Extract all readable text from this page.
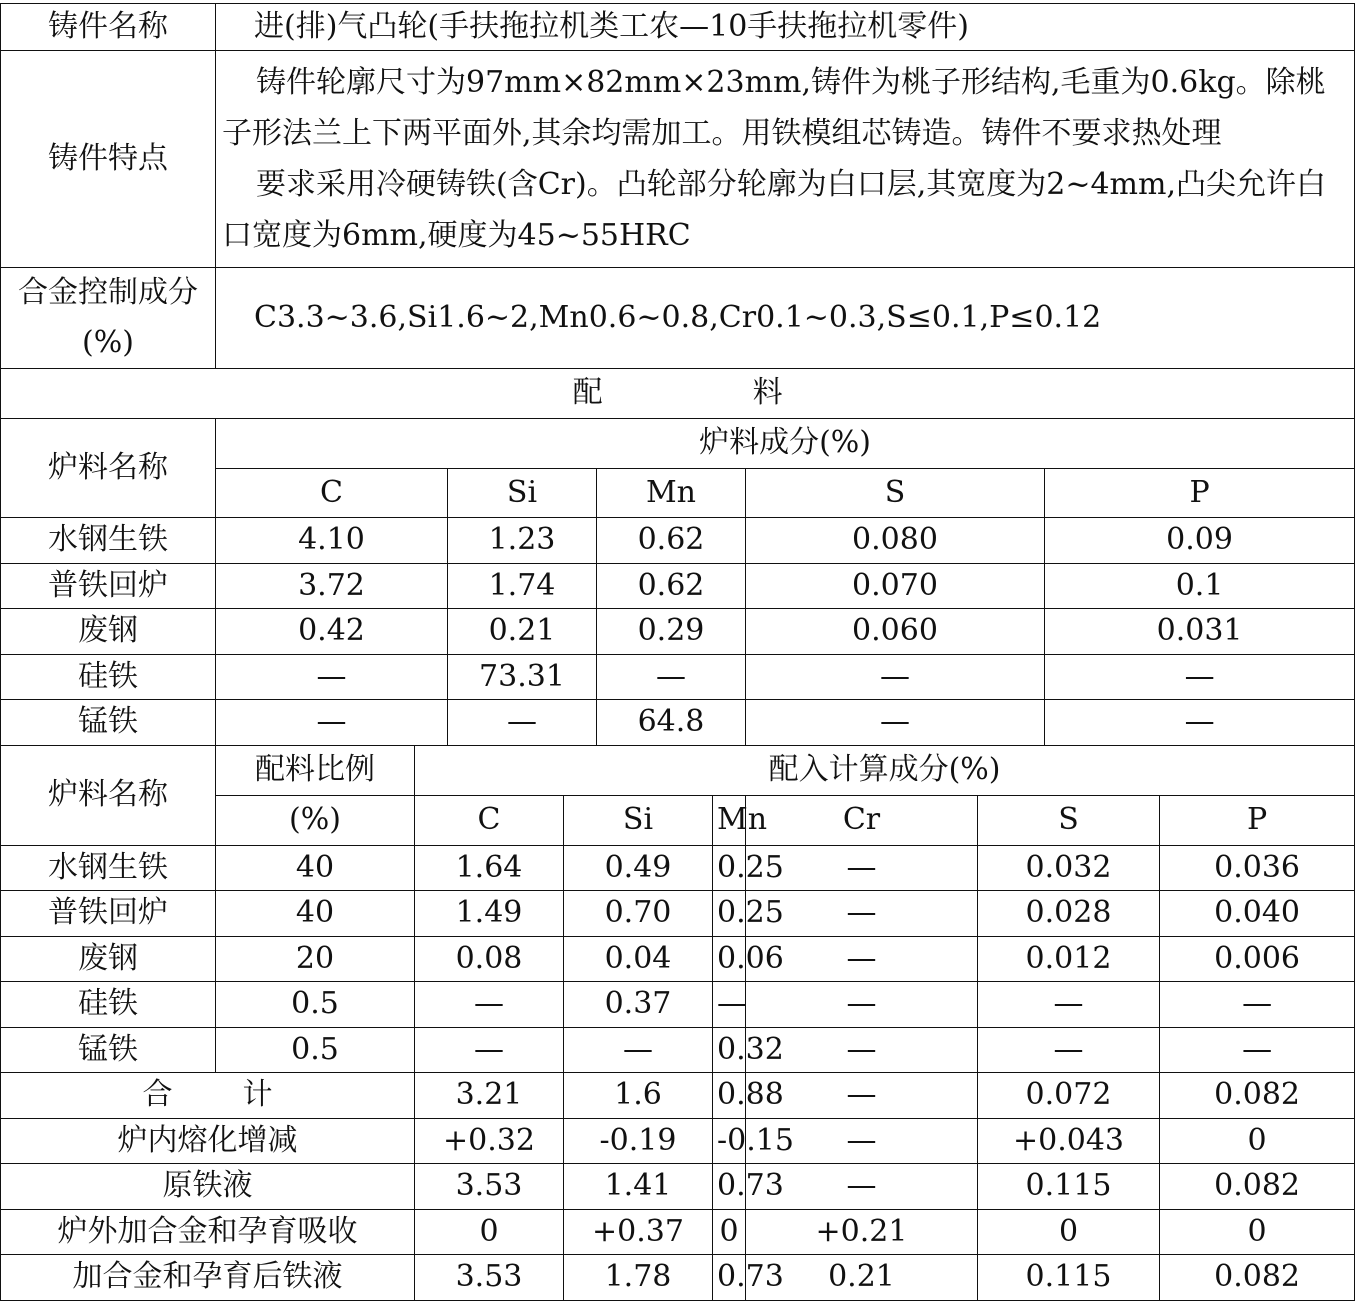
铸件名称	进(排)气凸轮(手扶拖拉机类工农—10手扶拖拉机零件)									
铸件特点	铸件轮廓尺寸为97mm×82mm×23mm,铸件为桃子形结构,毛重为0.6kg。除桃子形法兰上下两平面外,其余均需加工。用铁模组芯铸造。铸件不要求热处理

要求采用冷硬铸铁(含Cr)。凸轮部分轮廓为白口层,其宽度为2~4mm,凸尖允许白口宽度为6mm,硬度为45~55HRC									

合金控制成分(%)	C3.3~3.6,Si1.6~2,Mn0.6~0.8,Cr0.1~0.3,S≤0.1,P≤0.12									
配 料										
炉料名称	炉料成分(%)									
	C		Si		Mn		S		P	
水钢生铁	4.10		1.23		0.62		0.080		0.09	
普铁回炉	3.72		1.74		0.62		0.070		0.1	
废钢	0.42		0.21		0.29		0.060		0.031	
硅铁	—		73.31		—		—		—	
锰铁	—		—		64.8		—		—	
炉料名称	配料比例	配入计算成分(%)								
	(%)	C		Si		Mn	Cr	S		P
水钢生铁	40	1.64		0.49		0.25	—	0.032		0.036
普铁回炉	40	1.49		0.70		0.25	—	0.028		0.040
废钢	20	0.08		0.04		0.06	—	0.012		0.006
硅铁	0.5	—		0.37		—	—	—		—
锰铁	0.5	—		—		0.32	—	—		—
合 计		3.21		1.6		0.88	—	0.072		0.082
炉内熔化增减		+0.32		-0.19		-0.15	—	+0.043		0
原铁液		3.53		1.41		0.73	—	0.115		0.082
炉外加合金和孕育吸收		0		+0.37		0	+0.21	0		0
加合金和孕育后铁液		3.53		1.78		0.73	0.21	0.115		0.082
